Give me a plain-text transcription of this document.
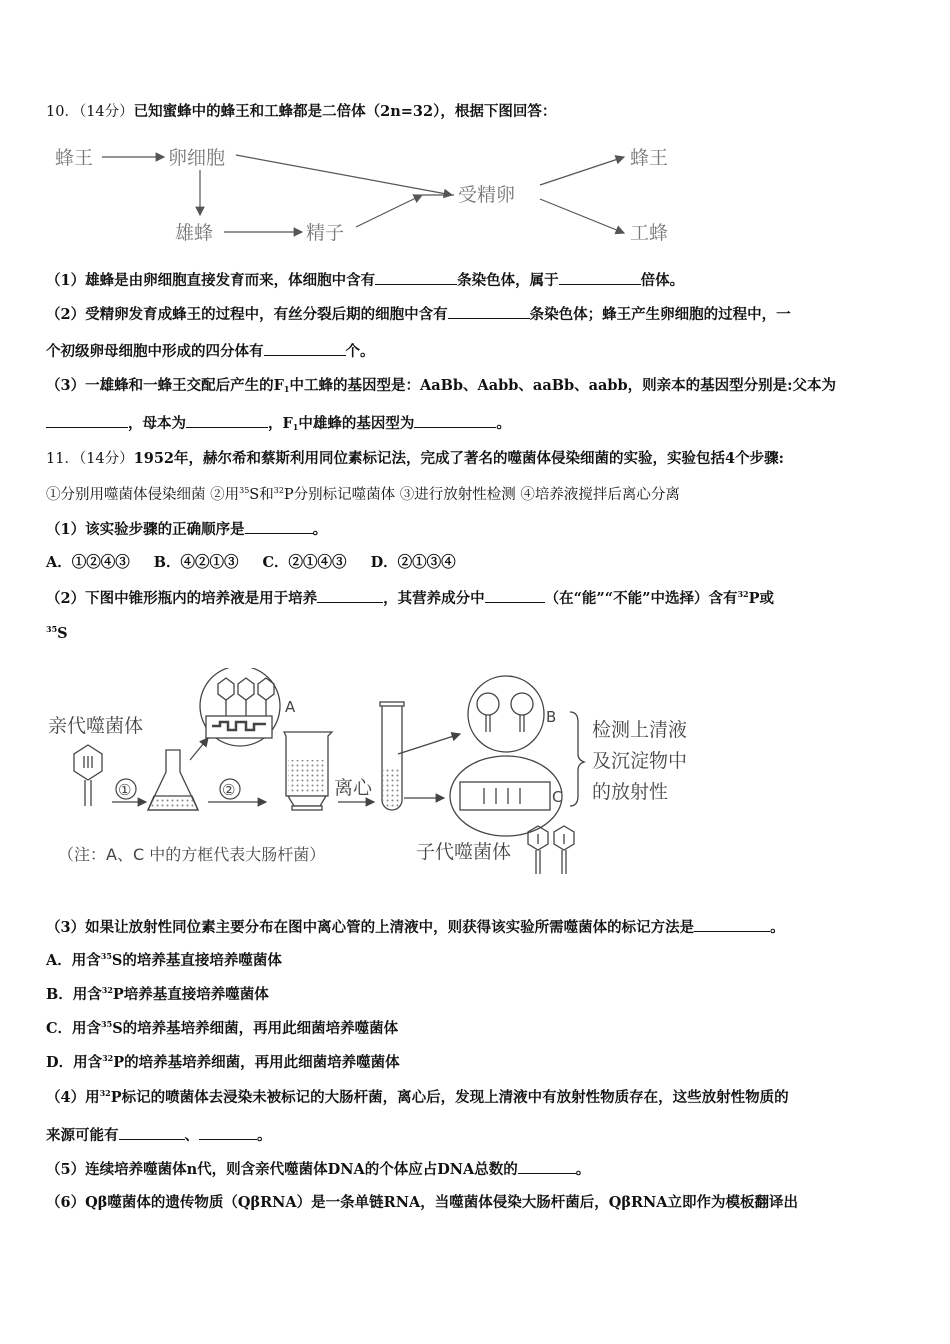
10．（14分）已知蜜蜂中的蜂王和工蜂都是二倍体（2n=32），根据下图回答：
蜂王	卵细胞
雄蜂	精子
受精卵
蜂王
工蜂
（1）雄蜂是由卵细胞直接发育而来，体细胞中含有	条染色体，属于	倍体。
（2）受精卵发育成蜂王的过程中，有丝分裂后期的细胞中含有	条染色体；蜂王产生卵细胞的过程中，一
个初级卵母细胞中形成的四分体有	个。
（3）一雄蜂和一蜂王交配后产生的$F_1$中工蜂的基因型是：AaBb、Aabb、aaBb、aabb，则亲本的基因型分别是:父本为
，母本为	，$F_1$中雄蜂的基因型为	。
11．（14分）1952年，赫尔希和蔡斯利用同位素标记法，完成了著名的噬菌体侵染细菌的实验，实验包括4个步骤:
①分别用噬菌体侵染细菌 ②用$^{35}$S和$^{32}$P分别标记噬菌体 ③进行放射性检测 ④培养液搅拌后离心分离
（1）该实验步骤的正确顺序是	。
A．①②④③ B．④②①③ C．②①④③ D．②①③④
（2）下图中锥形瓶内的培养液是用于培养	，其营养成分中	（在“能”“不能”中选择）含有$^{32}$P或
$^{35}$S
亲代噬菌体
①
A
②	离心
B
C
检测上清液
及沉淀物中
的放射性
子代噬菌体
（注：A、C 中的方框代表大肠杆菌）
（3）如果让放射性同位素主要分布在图中离心管的上清液中，则获得该实验所需噬菌体的标记方法是	。
A．用含$^{35}$S的培养基直接培养噬菌体
B．用含$^{32}$P培养基直接培养噬菌体
C．用含$^{35}$S的培养基培养细菌，再用此细菌培养噬菌体
D．用含$^{32}$P的培养基培养细菌，再用此细菌培养噬菌体
（4）用$^{32}$P标记的喷菌体去浸染未被标记的大肠杆菌，离心后，发现上清液中有放射性物质存在，这些放射性物质的
来源可能有	、	。
（5）连续培养噬菌体n代，则含亲代噬菌体DNA的个体应占DNA总数的	。
（6）Qβ噬菌体的遗传物质（QβRNA）是一条单链RNA，当噬菌体侵染大肠杆菌后，QβRNA立即作为模板翻译出
